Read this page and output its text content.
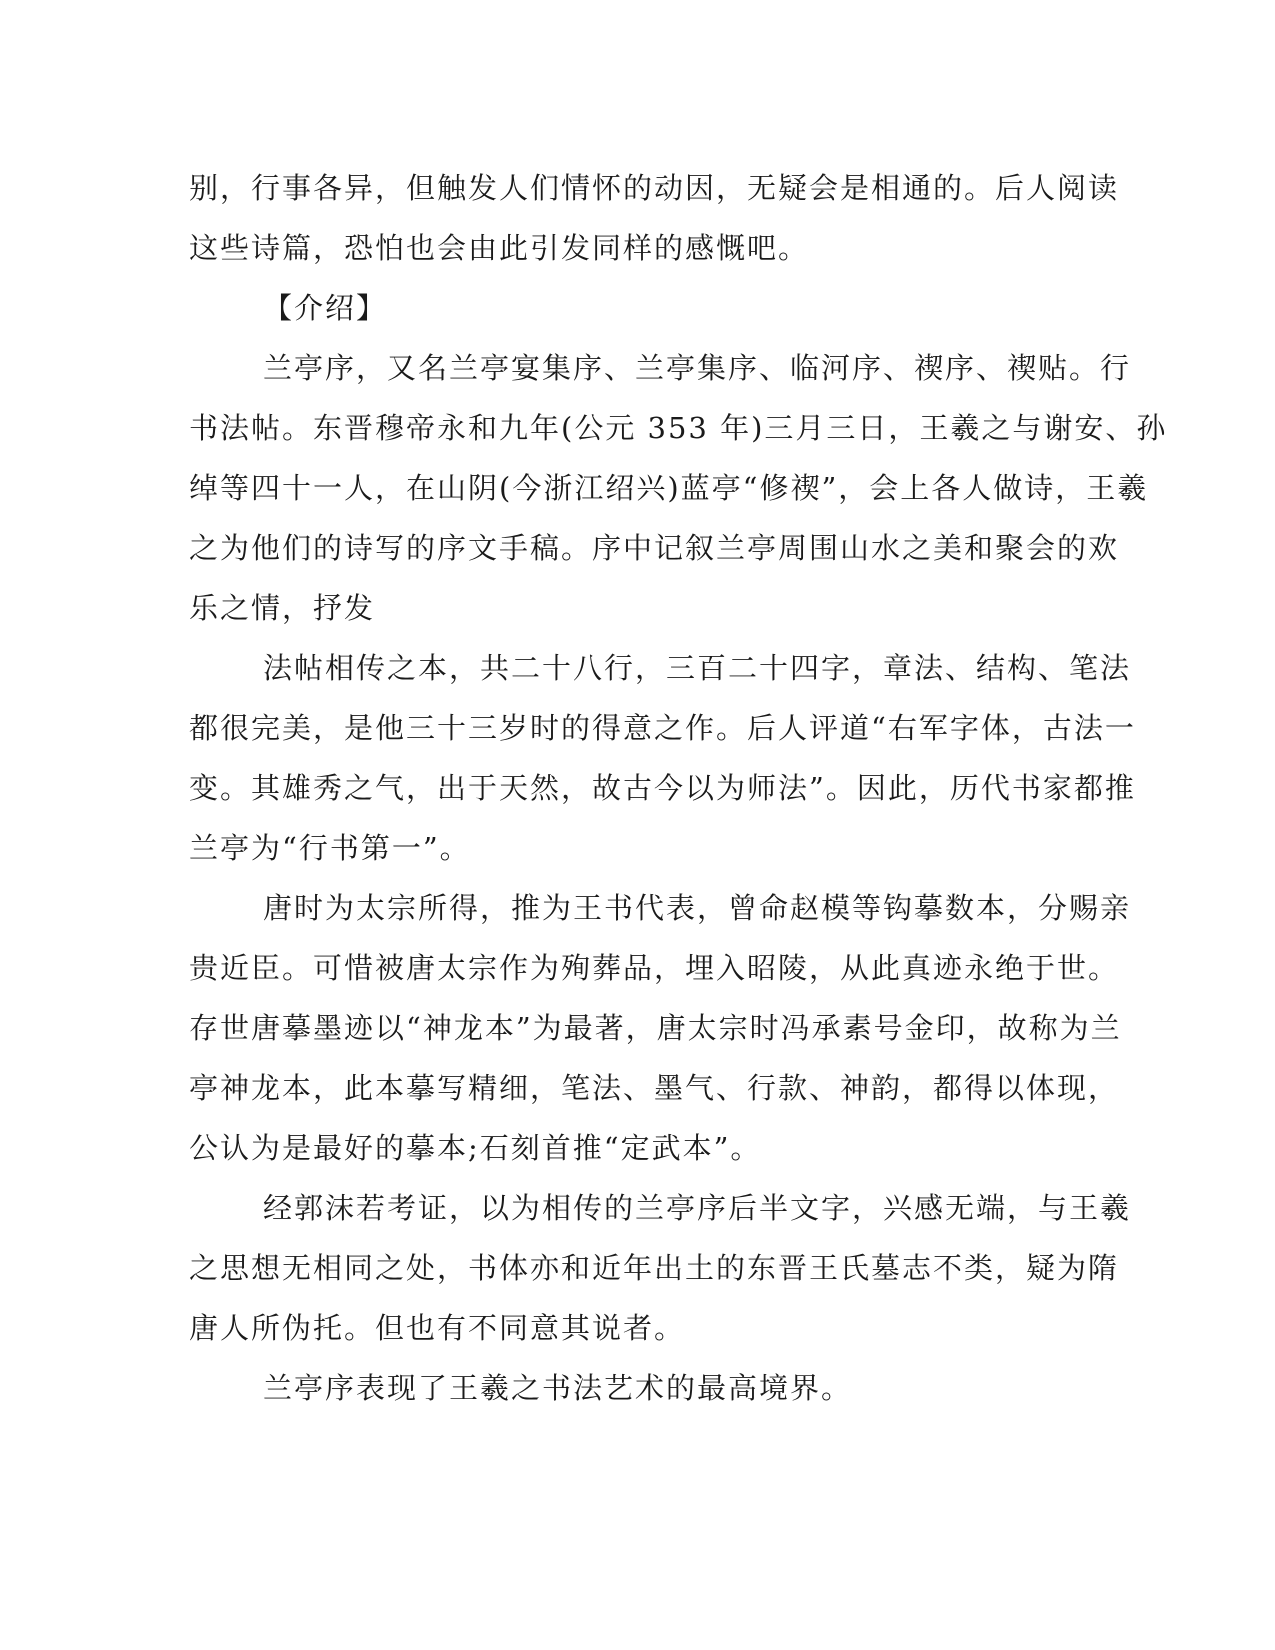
别，行事各异，但触发人们情怀的动因，无疑会是相通的。后人阅读
这些诗篇，恐怕也会由此引发同样的感慨吧。
【介绍】
兰亭序，又名兰亭宴集序、兰亭集序、临河序、禊序、禊贴。行
书法帖。东晋穆帝永和九年(公元 353 年)三月三日，王羲之与谢安、孙
绰等四十一人，在山阴(今浙江绍兴)蓝亭“修禊”，会上各人做诗，王羲
之为他们的诗写的序文手稿。序中记叙兰亭周围山水之美和聚会的欢
乐之情，抒发
法帖相传之本，共二十八行，三百二十四字，章法、结构、笔法
都很完美，是他三十三岁时的得意之作。后人评道“右军字体，古法一
变。其雄秀之气，出于天然，故古今以为师法”。因此，历代书家都推
兰亭为“行书第一”。
唐时为太宗所得，推为王书代表，曾命赵模等钩摹数本，分赐亲
贵近臣。可惜被唐太宗作为殉葬品，埋入昭陵，从此真迹永绝于世。
存世唐摹墨迹以“神龙本”为最著，唐太宗时冯承素号金印，故称为兰
亭神龙本，此本摹写精细，笔法、墨气、行款、神韵，都得以体现，
公认为是最好的摹本;石刻首推“定武本”。
经郭沫若考证，以为相传的兰亭序后半文字，兴感无端，与王羲
之思想无相同之处，书体亦和近年出土的东晋王氏墓志不类，疑为隋
唐人所伪托。但也有不同意其说者。
兰亭序表现了王羲之书法艺术的最高境界。
